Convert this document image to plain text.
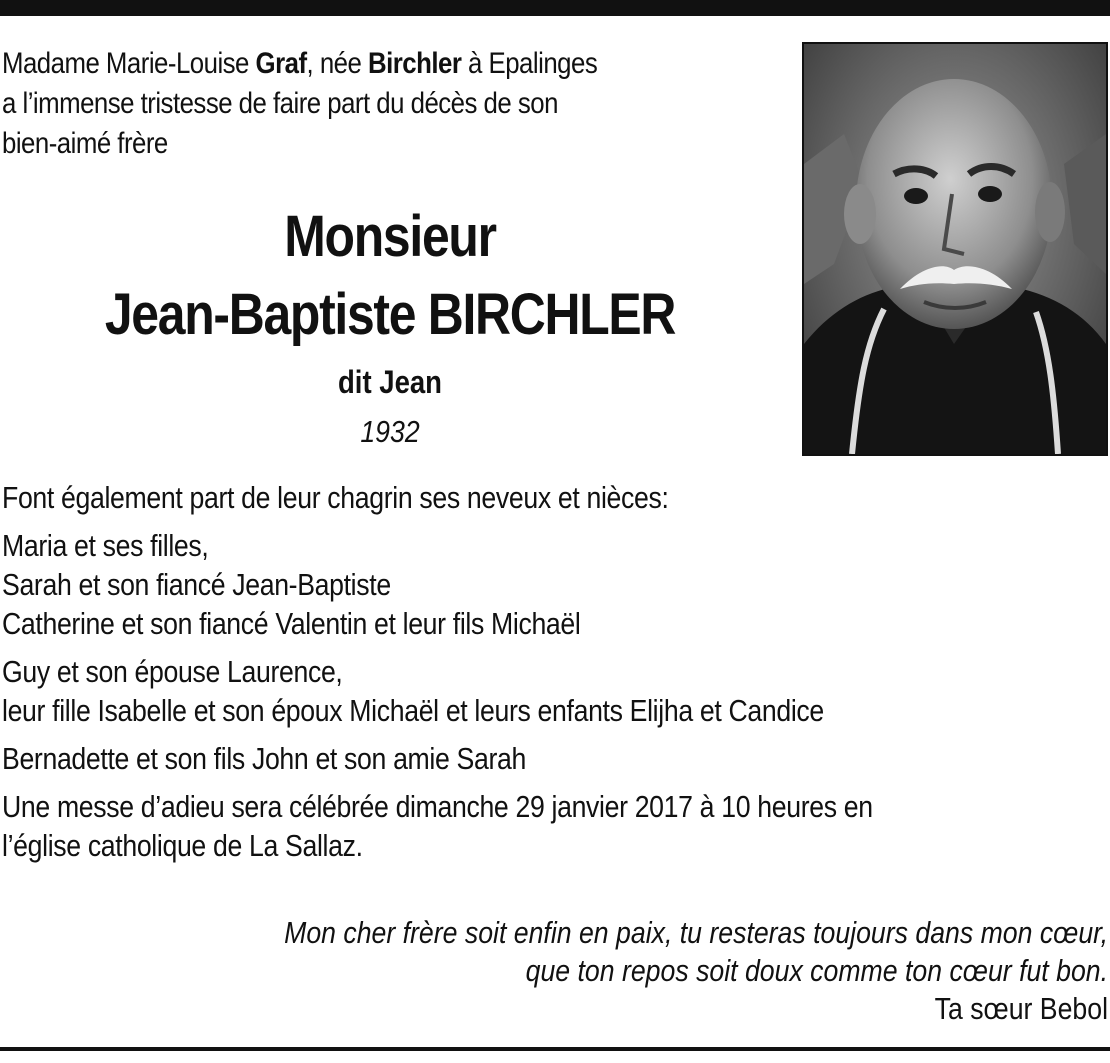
Madame Marie-Louise Graf, née Birchler à Epalinges
a l’immense tristesse de faire part du décès de son
bien-aimé frère
Monsieur
Jean-Baptiste BIRCHLER
dit Jean
1932
Font également part de leur chagrin ses neveux et nièces:
Maria et ses filles,
Sarah et son fiancé Jean-Baptiste
Catherine et son fiancé Valentin et leur fils Michaël
Guy et son épouse Laurence,
leur fille Isabelle et son époux Michaël et leurs enfants Elijha et Candice
Bernadette et son fils John et son amie Sarah
Une messe d’adieu sera célébrée dimanche 29 janvier 2017 à 10 heures en
l’église catholique de La Sallaz.
Mon cher frère soit enfin en paix, tu resteras toujours dans mon cœur,
que ton repos soit doux comme ton cœur fut bon.
Ta sœur Bebol
